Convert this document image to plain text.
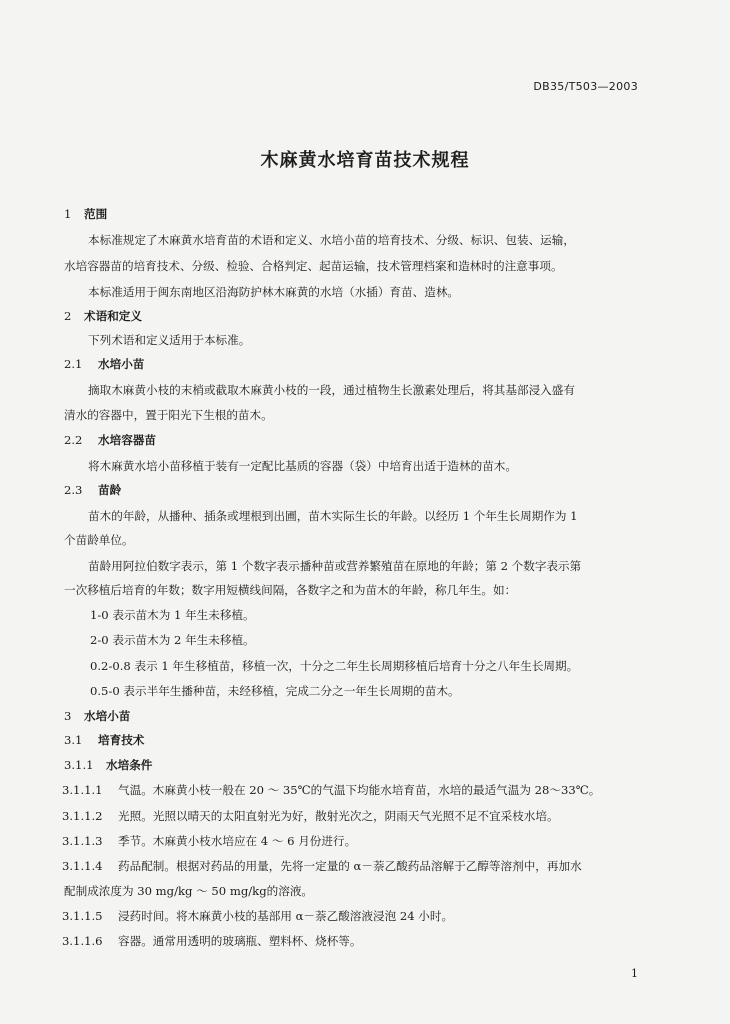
DB35/T503—2003
木麻黄水培育苗技术规程
1 范围
本标准规定了木麻黄水培育苗的术语和定义、水培小苗的培育技术、分级、标识、包装、运输，
水培容器苗的培育技术、分级、检验、合格判定、起苗运输，技术管理档案和造林时的注意事项。
本标准适用于闽东南地区沿海防护林木麻黄的水培（水插）育苗、造林。
2 术语和定义
下列术语和定义适用于本标准。
2.1 水培小苗
摘取木麻黄小枝的末梢或截取木麻黄小枝的一段，通过植物生长激素处理后，将其基部浸入盛有
清水的容器中，置于阳光下生根的苗木。
2.2 水培容器苗
将木麻黄水培小苗移植于装有一定配比基质的容器（袋）中培育出适于造林的苗木。
2.3 苗龄
苗木的年龄，从播种、插条或埋根到出圃，苗木实际生长的年龄。以经历 1 个年生长周期作为 1
个苗龄单位。
苗龄用阿拉伯数字表示，第 1 个数字表示播种苗或营养繁殖苗在原地的年龄；第 2 个数字表示第
一次移植后培育的年数；数字用短横线间隔，各数字之和为苗木的年龄，称几年生。如：
1-0 表示苗木为 1 年生未移植。
2-0 表示苗木为 2 年生未移植。
0.2-0.8 表示 1 年生移植苗，移植一次，十分之二年生长周期移植后培育十分之八年生长周期。
0.5-0 表示半年生播种苗，未经移植，完成二分之一年生长周期的苗木。
3 水培小苗
3.1 培育技术
3.1.1 水培条件
3.1.1.1 气温。木麻黄小枝一般在 20 ～ 35℃的气温下均能水培育苗，水培的最适气温为 28～33℃。
3.1.1.2 光照。光照以晴天的太阳直射光为好，散射光次之，阴雨天气光照不足不宜采枝水培。
3.1.1.3 季节。木麻黄小枝水培应在 4 ～ 6 月份进行。
3.1.1.4 药品配制。根据对药品的用量，先将一定量的 α－萘乙酸药品溶解于乙醇等溶剂中，再加水
配制成浓度为 30 mg/kg ～ 50 mg/kg的溶液。
3.1.1.5 浸药时间。将木麻黄小枝的基部用 α－萘乙酸溶液浸泡 24 小时。
3.1.1.6 容器。通常用透明的玻璃瓶、塑料杯、烧杯等。
1
